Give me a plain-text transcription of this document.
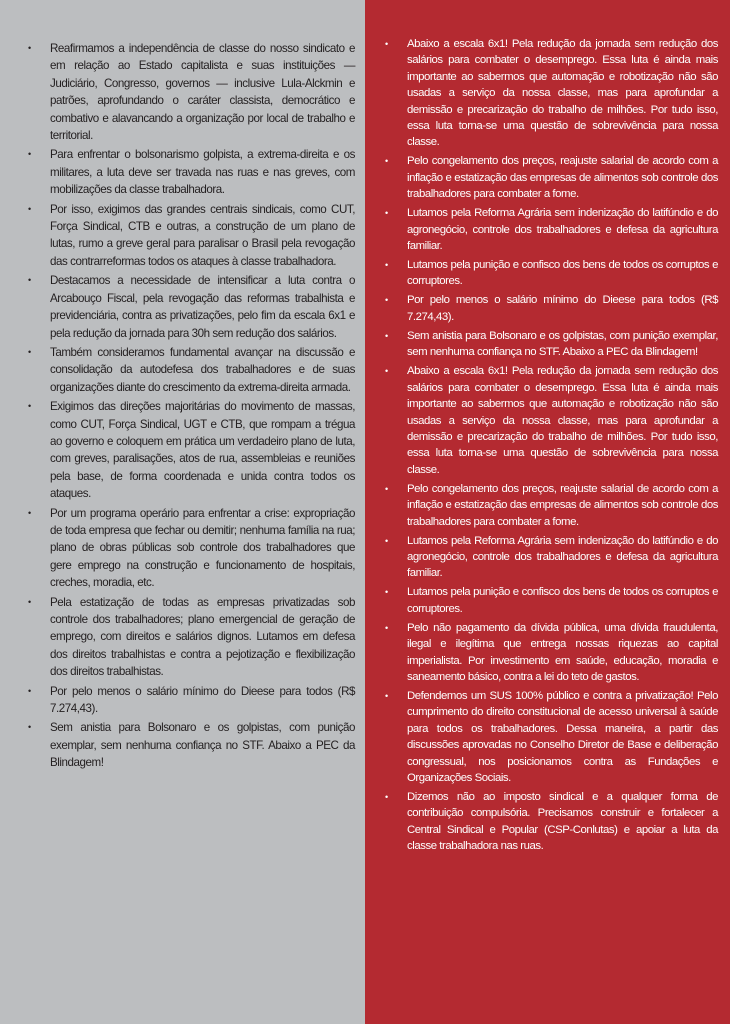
• Reafirmamos a independência de classe do nosso sindicato e em relação ao Estado capitalista e suas instituições — Judiciário, Congresso, governos — inclusive Lula-Alckmin e patrões, aprofundando o caráter classista, democrático e combativo e alavancando a organização por local de trabalho e territorial.
• Para enfrentar o bolsonarismo golpista, a extrema-direita e os militares, a luta deve ser travada nas ruas e nas greves, com mobilizações da classe trabalhadora.
• Por isso, exigimos das grandes centrais sindicais, como CUT, Força Sindical, CTB e outras, a construção de um plano de lutas, rumo a greve geral para paralisar o Brasil pela revogação das contrarreformas todos os ataques à classe trabalhadora.
• Destacamos a necessidade de intensificar a luta contra o Arcabouço Fiscal, pela revogação das reformas trabalhista e previdenciária, contra as privatizações, pelo fim da escala 6x1 e pela redução da jornada para 30h sem redução dos salários.
• Também consideramos fundamental avançar na discussão e consolidação da autodefesa dos trabalhadores e de suas organizações diante do crescimento da extrema-direita armada.
• Exigimos das direções majoritárias do movimento de massas, como CUT, Força Sindical, UGT e CTB, que rompam a trégua ao governo e coloquem em prática um verdadeiro plano de luta, com greves, paralisações, atos de rua, assembleias e reuniões pela base, de forma coordenada e unida contra todos os ataques.
• Por um programa operário para enfrentar a crise: expropriação de toda empresa que fechar ou demitir; nenhuma família na rua; plano de obras públicas sob controle dos trabalhadores que gere emprego na construção e funcionamento de hospitais, creches, moradia, etc.
• Pela estatização de todas as empresas privatizadas sob controle dos trabalhadores; plano emergencial de geração de emprego, com direitos e salários dignos. Lutamos em defesa dos direitos trabalhistas e contra a pejotização e flexibilização dos direitos trabalhistas.
• Por pelo menos o salário mínimo do Dieese para todos (R$ 7.274,43).
• Sem anistia para Bolsonaro e os golpistas, com punição exemplar, sem nenhuma confiança no STF. Abaixo a PEC da Blindagem!
• Abaixo a escala 6x1! Pela redução da jornada sem redução dos salários para combater o desemprego. Essa luta é ainda mais importante ao sabermos que automação e robotização não são usadas a serviço da nossa classe, mas para aprofundar a demissão e precarização do trabalho de milhões. Por tudo isso, essa luta torna-se uma questão de sobrevivência para nossa classe.
• Pelo congelamento dos preços, reajuste salarial de acordo com a inflação e estatização das empresas de alimentos sob controle dos trabalhadores para combater a fome.
• Lutamos pela Reforma Agrária sem indenização do latifúndio e do agronegócio, controle dos trabalhadores e defesa da agricultura familiar.
• Lutamos pela punição e confisco dos bens de todos os corruptos e corruptores.
• Por pelo menos o salário mínimo do Dieese para todos (R$ 7.274,43).
• Sem anistia para Bolsonaro e os golpistas, com punição exemplar, sem nenhuma confiança no STF. Abaixo a PEC da Blindagem!
• Abaixo a escala 6x1! Pela redução da jornada sem redução dos salários para combater o desemprego. Essa luta é ainda mais importante ao sabermos que automação e robotização não são usadas a serviço da nossa classe, mas para aprofundar a demissão e precarização do trabalho de milhões. Por tudo isso, essa luta torna-se uma questão de sobrevivência para nossa classe.
• Pelo congelamento dos preços, reajuste salarial de acordo com a inflação e estatização das empresas de alimentos sob controle dos trabalhadores para combater a fome.
• Lutamos pela Reforma Agrária sem indenização do latifúndio e do agronegócio, controle dos trabalhadores e defesa da agricultura familiar.
• Lutamos pela punição e confisco dos bens de todos os corruptos e corruptores.
• Pelo não pagamento da dívida pública, uma dívida fraudulenta, ilegal e ilegítima que entrega nossas riquezas ao capital imperialista. Por investimento em saúde, educação, moradia e saneamento básico, contra a lei do teto de gastos.
• Defendemos um SUS 100% público e contra a privatização! Pelo cumprimento do direito constitucional de acesso universal à saúde para todos os trabalhadores. Dessa maneira, a partir das discussões aprovadas no Conselho Diretor de Base e deliberação congressual, nos posicionamos contra as Fundações e Organizações Sociais.
• Dizemos não ao imposto sindical e a qualquer forma de contribuição compulsória. Precisamos construir e fortalecer a Central Sindical e Popular (CSP-Conlutas) e apoiar a luta da classe trabalhadora nas ruas.
